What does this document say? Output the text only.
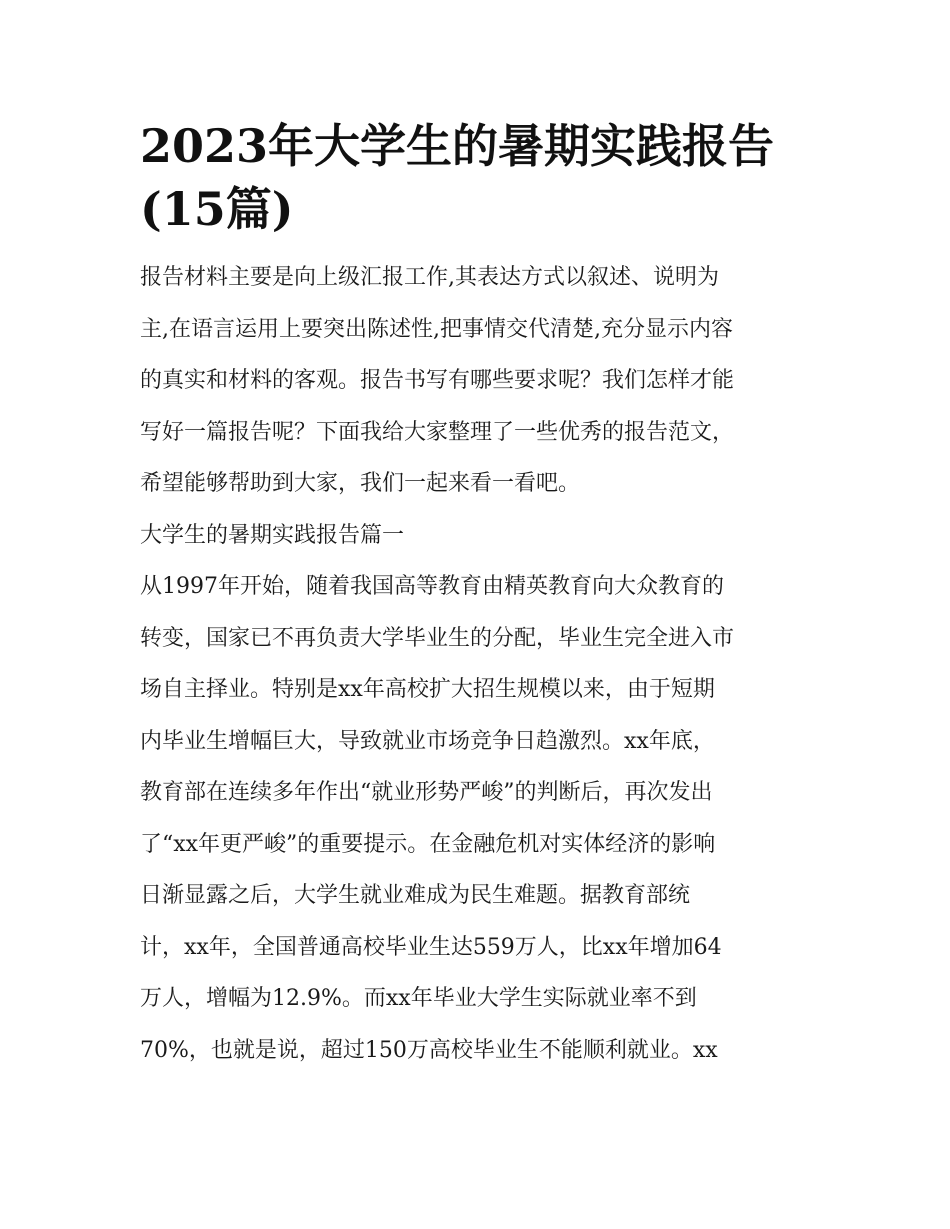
2023年大学生的暑期实践报告
(15篇)

报告材料主要是向上级汇报工作,其表达方式以叙述、说明为
主,在语言运用上要突出陈述性,把事情交代清楚,充分显示内容
的真实和材料的客观。报告书写有哪些要求呢？我们怎样才能
写好一篇报告呢？下面我给大家整理了一些优秀的报告范文，
希望能够帮助到大家，我们一起来看一看吧。

大学生的暑期实践报告篇一

从1997年开始，随着我国高等教育由精英教育向大众教育的
转变，国家已不再负责大学毕业生的分配，毕业生完全进入市
场自主择业。特别是xx年高校扩大招生规模以来，由于短期
内毕业生增幅巨大，导致就业市场竞争日趋激烈。xx年底，
教育部在连续多年作出“就业形势严峻”的判断后，再次发出
了“xx年更严峻”的重要提示。在金融危机对实体经济的影响
日渐显露之后，大学生就业难成为民生难题。据教育部统
计，xx年，全国普通高校毕业生达559万人，比xx年增加64
万人，增幅为12.9%。而xx年毕业大学生实际就业率不到
70%，也就是说，超过150万高校毕业生不能顺利就业。xx
